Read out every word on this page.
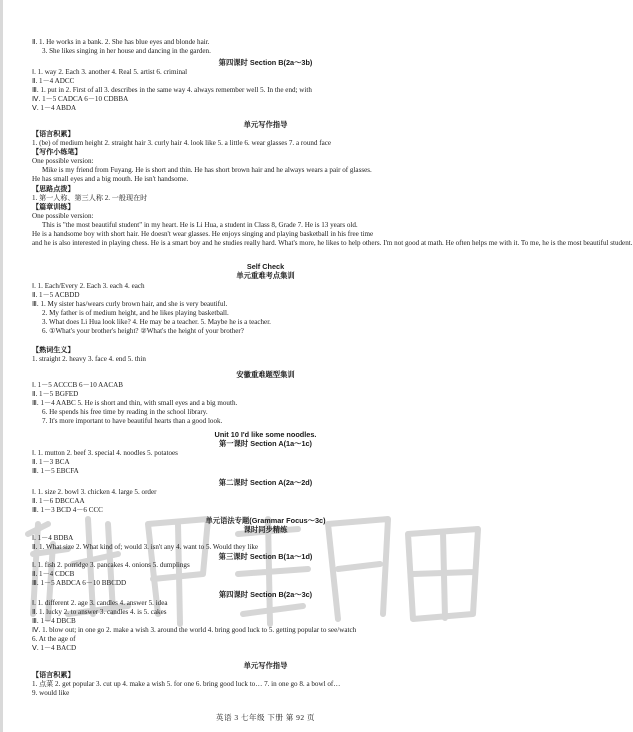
Ⅱ. 1. He works in a bank. 2. She has blue eyes and blonde hair.
3. She likes singing in her house and dancing in the garden.
第四课时 Section B(2a～3b)
Ⅰ. 1. way 2. Each 3. another 4. Real 5. artist 6. criminal
Ⅱ. 1－4 ADCC
Ⅲ. 1. put in 2. First of all 3. describes in the same way 4. always remember well 5. In the end; with
Ⅳ. 1－5 CADCA 6－10 CDBBA
Ⅴ. 1－4 ABDA
单元写作指导
【语言积累】
1. (be) of medium height 2. straight hair 3. curly hair 4. look like 5. a little 6. wear glasses 7. a round face
【写作小练笔】
One possible version:
Mike is my friend from Fuyang. He is short and thin. He has short brown hair and he always wears a pair of glasses.
He has small eyes and a big mouth. He isn't handsome.
【思路点拨】
1. 第一人称、第三人称 2. 一般现在时
【篇章训练】
One possible version:
This is "the most beautiful student" in my heart. He is Li Hua, a student in Class 8, Grade 7. He is 13 years old.
He is a handsome boy with short hair. He doesn't wear glasses. He enjoys singing and playing basketball in his free time
and he is also interested in playing chess. He is a smart boy and he studies really hard. What's more, he likes to help others. I'm not good at math. He often helps me with it. To me, he is the most beautiful student.
Self Check
单元重难考点集训
Ⅰ. 1. Each/Every 2. Each 3. each 4. each
Ⅱ. 1－5 ACBDD
Ⅲ. 1. My sister has/wears curly brown hair, and she is very beautiful.
2. My father is of medium height, and he likes playing basketball.
3. What does Li Hua look like? 4. He may be a teacher. 5. Maybe he is a teacher.
6. ①What's your brother's height? ②What's the height of your brother?
【熟词生义】
1. straight 2. heavy 3. face 4. end 5. thin
安徽重难题型集训
Ⅰ. 1－5 ACCCB 6－10 AACAB
Ⅱ. 1－5 BGFED
Ⅲ. 1－4 AABC 5. He is short and thin, with small eyes and a big mouth.
6. He spends his free time by reading in the school library.
7. It's more important to have beautiful hearts than a good look.
Unit 10 I'd like some noodles.
第一课时 Section A(1a～1c)
Ⅰ. 1. mutton 2. beef 3. special 4. noodles 5. potatoes
Ⅱ. 1－3 BCA
Ⅲ. 1－5 EBCFA
第二课时 Section A(2a～2d)
Ⅰ. 1. size 2. bowl 3. chicken 4. large 5. order
Ⅱ. 1－6 DBCCAA
Ⅲ. 1－3 BCD 4－6 CCC
单元语法专题(Grammar Focus～3c)
课时同步精练
Ⅰ. 1－4 BDBA
Ⅱ. 1. What size 2. What kind of; would 3. isn't any 4. want to 5. Would they like
第三课时 Section B(1a～1d)
Ⅰ. 1. fish 2. porridge 3. pancakes 4. onions 5. dumplings
Ⅱ. 1－4 CDCB
Ⅲ. 1－5 ABDCA 6－10 BBCDD
第四课时 Section B(2a～3c)
Ⅰ. 1. different 2. age 3. candles 4. answer 5. idea
Ⅱ. 1. lucky 2. to answer 3. candles 4. is 5. cakes
Ⅲ. 1－4 DBCB
Ⅳ. 1. blow out; in one go 2. make a wish 3. around the world 4. bring good luck to 5. getting popular to see/watch
6. At the age of
Ⅴ. 1－4 BACD
单元写作指导
【语言积累】
1. 点菜 2. get popular 3. cut up 4. make a wish 5. for one 6. bring good luck to… 7. in one go 8. a bowl of…
9. would like
英语 3 七年级 下册 第 92 页
